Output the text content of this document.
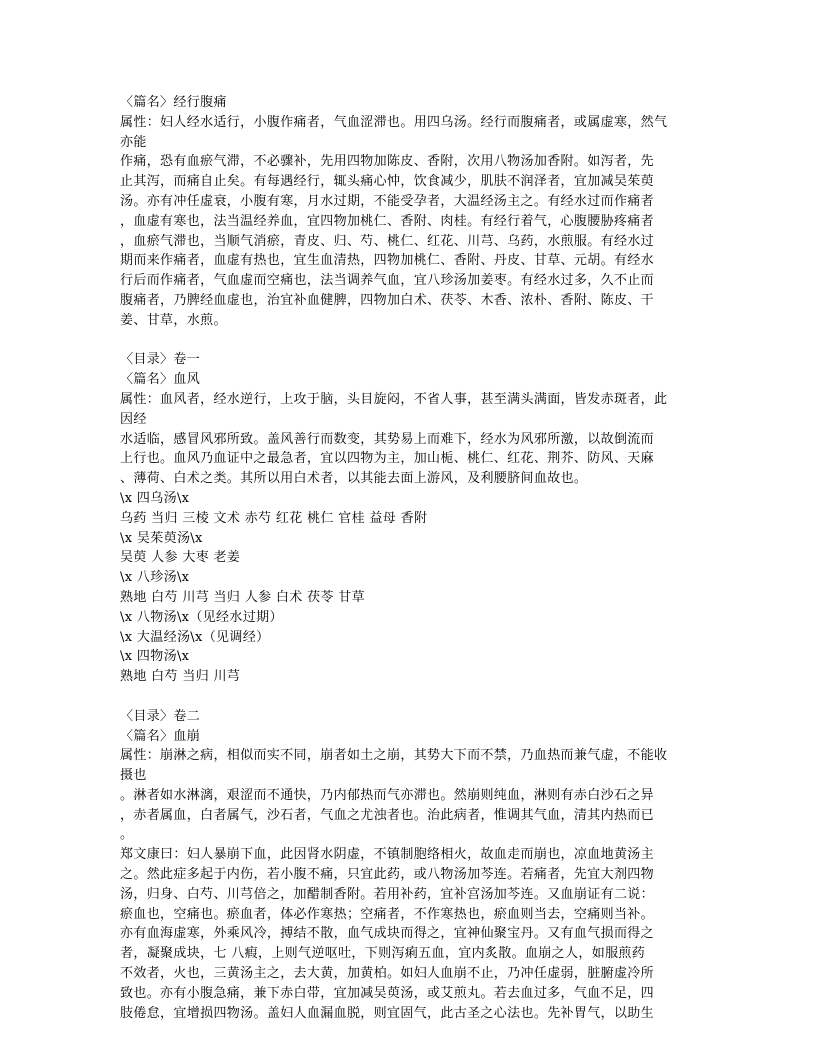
〈篇名〉经行腹痛
属性：妇人经水适行，小腹作痛者，气血涩滞也。用四乌汤。经行而腹痛者，或属虚寒，然气
亦能
作痛，恐有血瘀气滞，不必骤补，先用四物加陈皮、香附，次用八物汤加香附。如泻者，先
止其泻，而痛自止矣。有每遇经行，辄头痛心忡，饮食减少，肌肤不润泽者，宜加减吴茱萸
汤。亦有冲任虚衰，小腹有寒，月水过期，不能受孕者，大温经汤主之。有经水过而作痛者
，血虚有寒也，法当温经养血，宜四物加桃仁、香附、肉桂。有经行着气，心腹腰胁疼痛者
，血瘀气滞也，当顺气消瘀，青皮、归、芍、桃仁、红花、川芎、乌药，水煎服。有经水过
期而来作痛者，血虚有热也，宜生血清热，四物加桃仁、香附、丹皮、甘草、元胡。有经水
行后而作痛者，气血虚而空痛也，法当调养气血，宜八珍汤加姜枣。有经水过多，久不止而
腹痛者，乃脾经血虚也，治宜补血健脾，四物加白术、茯苓、木香、浓朴、香附、陈皮、干
姜、甘草，水煎。
〈目录〉卷一
〈篇名〉血风
属性：血风者，经水逆行，上攻于脑，头目旋闷，不省人事，甚至满头满面，皆发赤斑者，此
因经
水适临，感冒风邪所致。盖风善行而数变，其势易上而难下，经水为风邪所激，以故倒流而
上行也。血风乃血证中之最急者，宜以四物为主，加山栀、桃仁、红花、荆芥、防风、天麻
、薄荷、白术之类。其所以用白术者，以其能去面上游风，及利腰脐间血故也。
\x 四乌汤\x
乌药 当归 三棱 文术 赤芍 红花 桃仁 官桂 益母 香附
\x 吴茱萸汤\x
吴萸 人参 大枣 老姜
\x 八珍汤\x
熟地 白芍 川芎 当归 人参 白术 茯苓 甘草
\x 八物汤\x（见经水过期）
\x 大温经汤\x（见调经）
\x 四物汤\x
熟地 白芍 当归 川芎
〈目录〉卷二
〈篇名〉血崩
属性：崩淋之病，相似而实不同，崩者如土之崩，其势大下而不禁，乃血热而兼气虚，不能收
摄也
。淋者如水淋漓，艰涩而不通快，乃内郁热而气亦滞也。然崩则纯血，淋则有赤白沙石之异
，赤者属血，白者属气，沙石者，气血之尤浊者也。治此病者，惟调其气血，清其内热而已
。
郑文康曰：妇人暴崩下血，此因肾水阴虚，不镇制胞络相火，故血走而崩也，凉血地黄汤主
之。然此症多起于内伤，若小腹不痛，只宜此药，或八物汤加芩连。若痛者，先宜大剂四物
汤，归身、白芍、川芎倍之，加醋制香附。若用补药，宜补宫汤加芩连。又血崩证有二说：
瘀血也，空痛也。瘀血者，体必作寒热；空痛者，不作寒热也，瘀血则当去，空痛则当补。
亦有血海虚寒，外乘风冷，搏结不散，血气成块而得之，宜神仙聚宝丹。又有血气损而得之
者，凝聚成块，七 八瘕，上则气逆呕吐，下则泻痢五血，宜内炙散。血崩之人，如服煎药
不效者，火也，三黄汤主之，去大黄，加黄柏。如妇人血崩不止，乃冲任虚弱，脏腑虚冷所
致也。亦有小腹急痛，兼下赤白带，宜加减吴萸汤，或艾煎丸。若去血过多，气血不足，四
肢倦怠，宜增损四物汤。盖妇人血漏血脱，则宜固气，此古圣之心法也。先补胃气，以助生
